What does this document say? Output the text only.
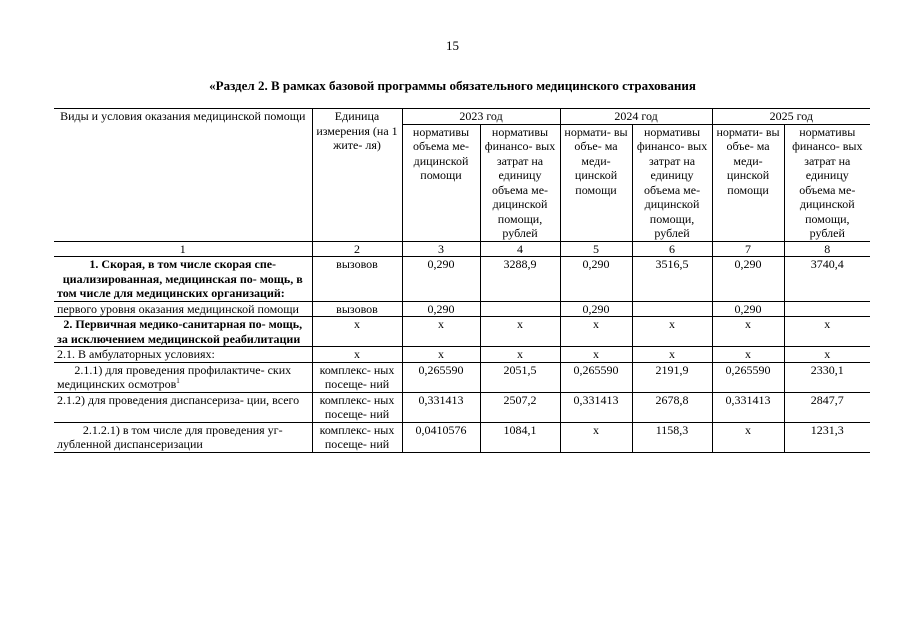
15
«Раздел 2. В рамках базовой программы обязательного медицинского страхования
Виды и условия оказания медицинской помощи	Единица измерения (на 1 жите- ля)	2023 год		2024 год		2025 год	
		нормативы объема ме- дицинской помощи	нормативы финансо- вых затрат на единицу объема ме- дицинской помощи, рублей	нормати- вы объе- ма меди- цинской помощи	нормативы финансо- вых затрат на единицу объема ме- дицинской помощи, рублей	нормати- вы объе- ма меди- цинской помощи	нормативы финансо- вых затрат на единицу объема ме- дицинской помощи, рублей
1	2	3	4	5	6	7	8
1. Скорая, в том числе скорая спе- циализированная, медицинская по- мощь, в том числе для медицинских организаций:	вызовов	0,290	3288,9	0,290	3516,5	0,290	3740,4
первого уровня оказания медицинской помощи	вызовов	0,290		0,290		0,290	
2. Первичная медико-санитарная по- мощь, за исключением медицинской реабилитации	х	х	х	х	х	х	х
2.1. В амбулаторных условиях:	х	х	х	х	х	х	х
2.1.1) для проведения профилактиче- ских медицинских осмотров$^1$	комплекс- ных посеще- ний	0,265590	2051,5	0,265590	2191,9	0,265590	2330,1
2.1.2) для проведения диспансериза- ции, всего	комплекс- ных посеще- ний	0,331413	2507,2	0,331413	2678,8	0,331413	2847,7
2.1.2.1) в том числе для проведения уг- лубленной диспансеризации	комплекс- ных посеще- ний	0,0410576	1084,1	х	1158,3	х	1231,3
